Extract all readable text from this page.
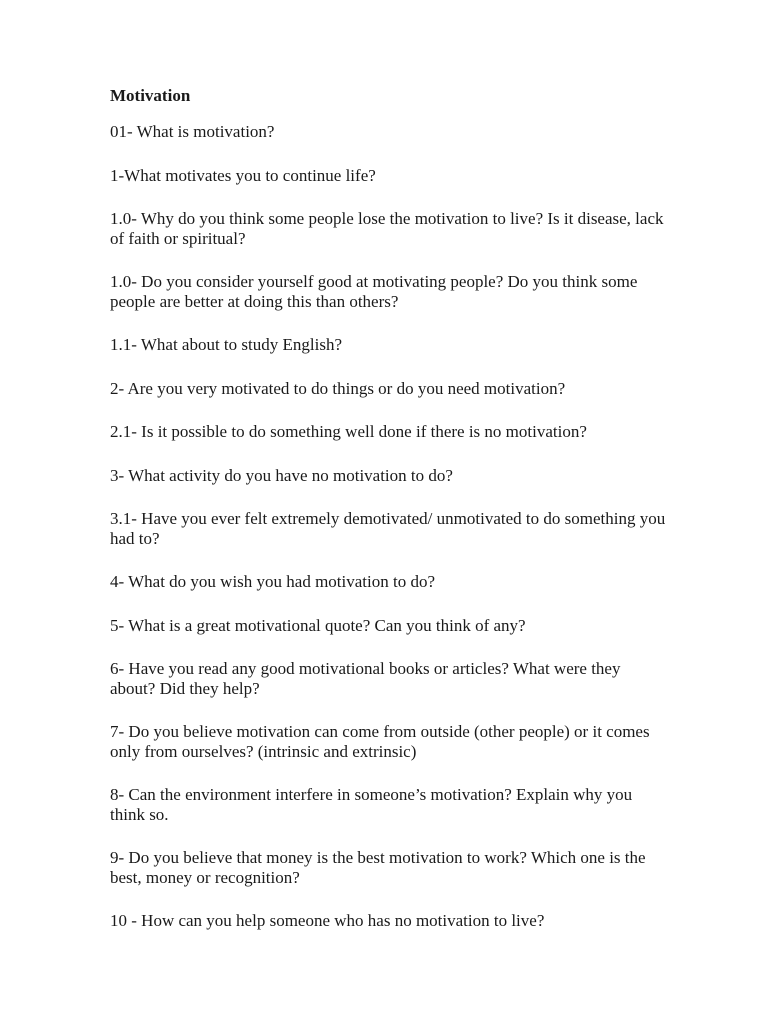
Motivation

01- What is motivation?

1-What motivates you to continue life?

1.0- Why do you think some people lose the motivation to live? Is it disease, lack of faith or spiritual?

1.0- Do you consider yourself good at motivating people? Do you think some people are better at doing this than others?

1.1- What about to study English?

2- Are you very motivated to do things or do you need motivation?

2.1- Is it possible to do something well done if there is no motivation?

3- What activity do you have no motivation to do?

3.1- Have you ever felt extremely demotivated/ unmotivated to do something you had to?

4- What do you wish you had motivation to do?

5- What is a great motivational quote? Can you think of any?

6- Have you read any good motivational books or articles? What were they about? Did they help?

7- Do you believe motivation can come from outside (other people) or it comes only from ourselves? (intrinsic and extrinsic)

8- Can the environment interfere in someone’s motivation? Explain why you think so.

9- Do you believe that money is the best motivation to work? Which one is the best, money or recognition?

10 - How can you help someone who has no motivation to live?
